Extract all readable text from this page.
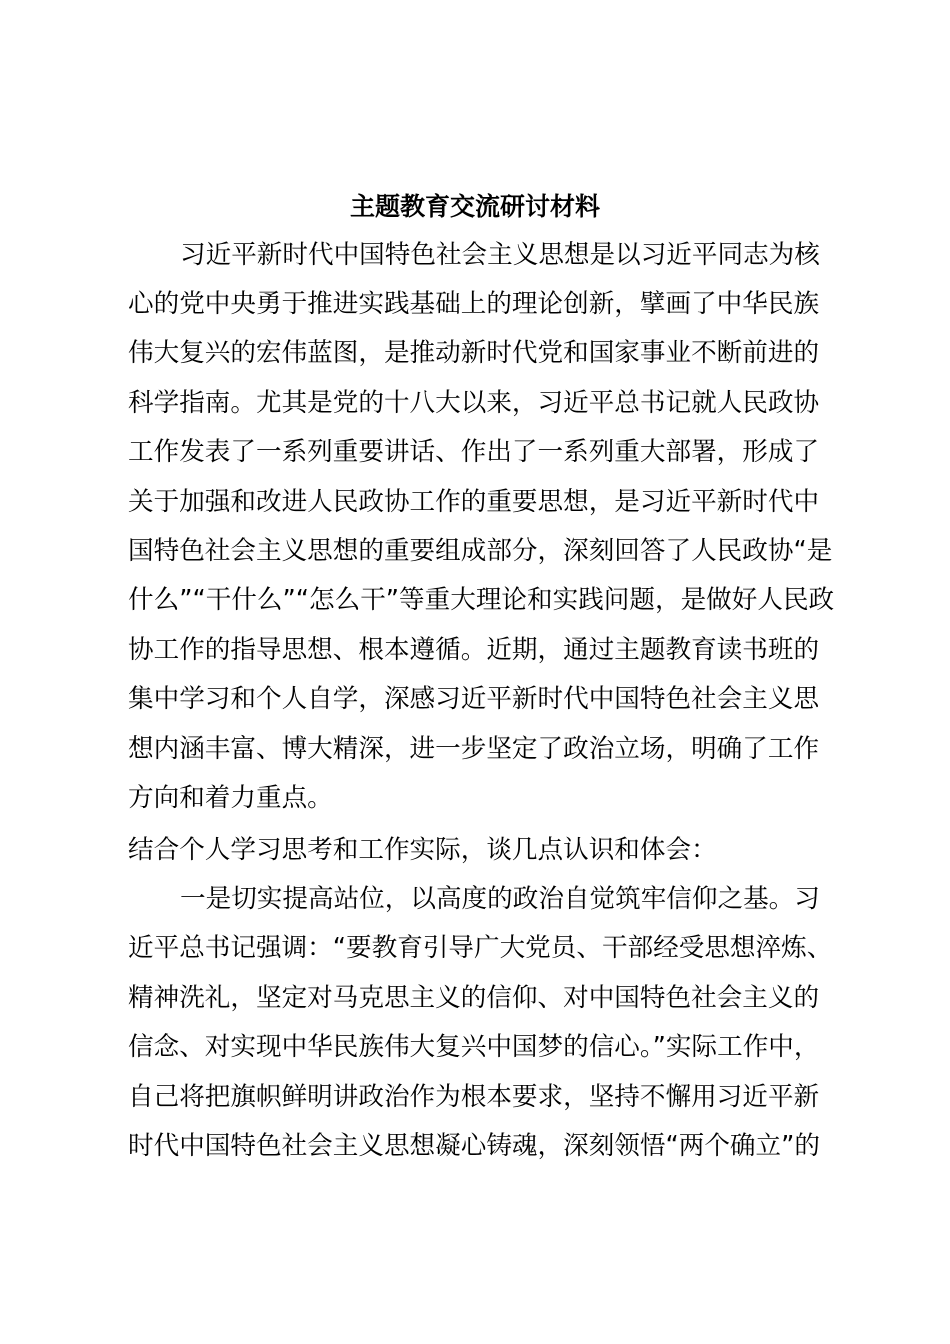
主题教育交流研讨材料
习近平新时代中国特色社会主义思想是以习近平同志为核
心的党中央勇于推进实践基础上的理论创新，擘画了中华民族
伟大复兴的宏伟蓝图，是推动新时代党和国家事业不断前进的
科学指南。尤其是党的十八大以来，习近平总书记就人民政协
工作发表了一系列重要讲话、作出了一系列重大部署，形成了
关于加强和改进人民政协工作的重要思想，是习近平新时代中
国特色社会主义思想的重要组成部分，深刻回答了人民政协“是
什么”“干什么”“怎么干”等重大理论和实践问题，是做好人民政
协工作的指导思想、根本遵循。近期，通过主题教育读书班的
集中学习和个人自学，深感习近平新时代中国特色社会主义思
想内涵丰富、博大精深，进一步坚定了政治立场，明确了工作
方向和着力重点。
结合个人学习思考和工作实际，谈几点认识和体会：
一是切实提高站位，以高度的政治自觉筑牢信仰之基。习
近平总书记强调：“要教育引导广大党员、干部经受思想淬炼、
精神洗礼，坚定对马克思主义的信仰、对中国特色社会主义的
信念、对实现中华民族伟大复兴中国梦的信心。”实际工作中，
自己将把旗帜鲜明讲政治作为根本要求，坚持不懈用习近平新
时代中国特色社会主义思想凝心铸魂，深刻领悟“两个确立”的
